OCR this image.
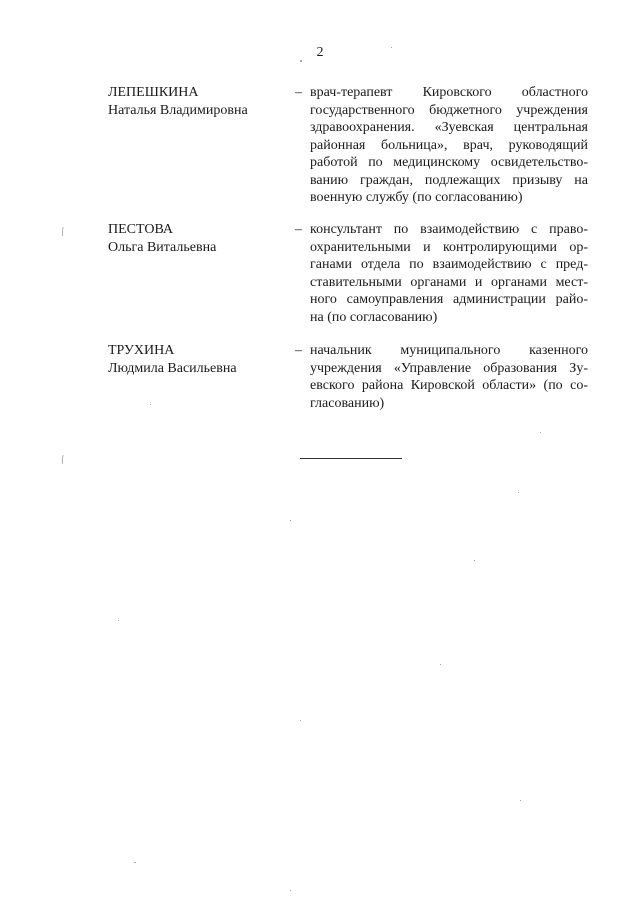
2
ЛЕПЕШКИНА
Наталья Владимировна
– врач-терапевт Кировского областного
государственного бюджетного учреждения
здравоохранения. «Зуевская центральная
районная больница», врач, руководящий
работой по медицинскому освидетельство-
ванию граждан, подлежащих призыву на
военную службу (по согласованию)
ПЕСТОВА
Ольга Витальевна
– консультант по взаимодействию с право-
охранительными и контролирующими ор-
ганами отдела по взаимодействию с пред-
ставительными органами и органами мест-
ного самоуправления администрации райо-
на (по согласованию)
ТРУХИНА
Людмила Васильевна
– начальник муниципального казенного
учреждения «Управление образования Зу-
евского района Кировской области» (по со-
гласованию)
⁄
⁄
